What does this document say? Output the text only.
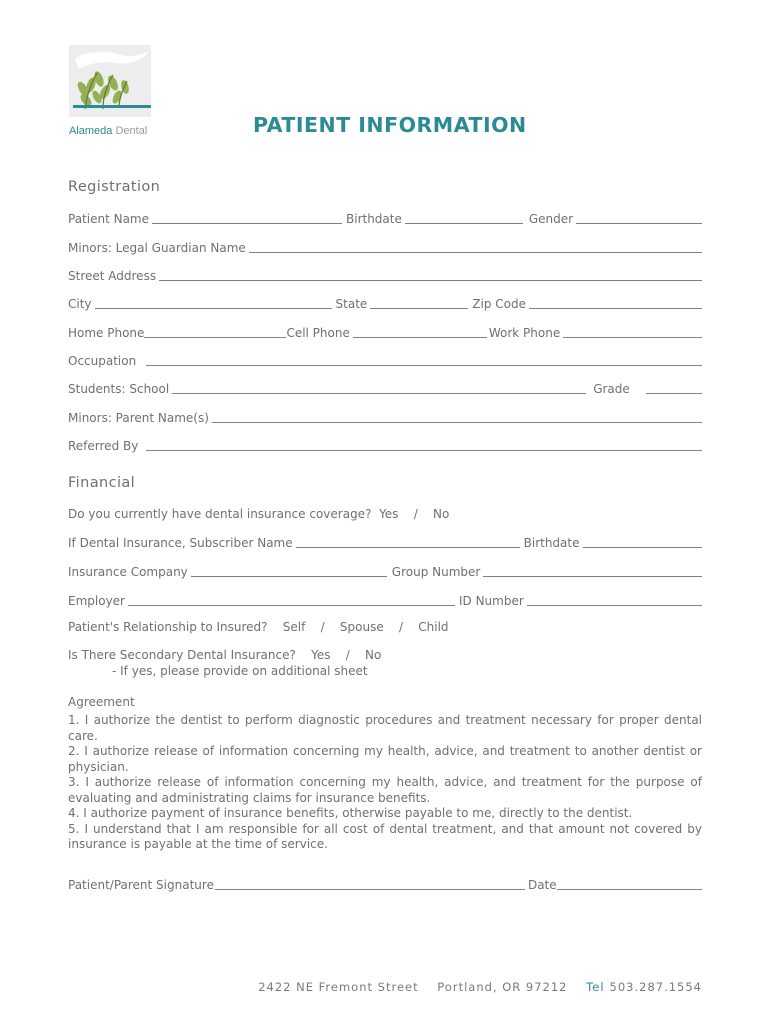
Alameda Dental	PATIENT INFORMATION
Registration
Patient Name	Birthdate	Gender
Minors: Legal Guardian Name
Street Address
City	State	Zip Code
Home Phone	Cell Phone	Work Phone
Occupation
Students: School	Grade
Minors: Parent Name(s)
Referred By
Financial
Do you currently have dental insurance coverage?  Yes    /    No
If Dental Insurance, Subscriber Name	Birthdate
Insurance Company	Group Number
Employer	ID Number
Patient's Relationship to Insured?    Self    /    Spouse    /    Child
Is There Secondary Dental Insurance?    Yes    /    No
- If yes, please provide on additional sheet
Agreement

1. I authorize the dentist to perform diagnostic procedures and treatment necessary for proper dental care.

2. I authorize release of information concerning my health, advice, and treatment to another dentist or physician.

3. I authorize release of information concerning my health, advice, and treatment for the purpose of evaluating and administrating claims for insurance benefits.

4. I authorize payment of insurance benefits, otherwise payable to me, directly to the dentist.

5. I understand that I am responsible for all cost of dental treatment, and that amount not covered by insurance is payable at the time of service.

Patient/Parent Signature	Date
2422 NE Fremont Street Portland, OR 97212 Tel 503.287.1554
